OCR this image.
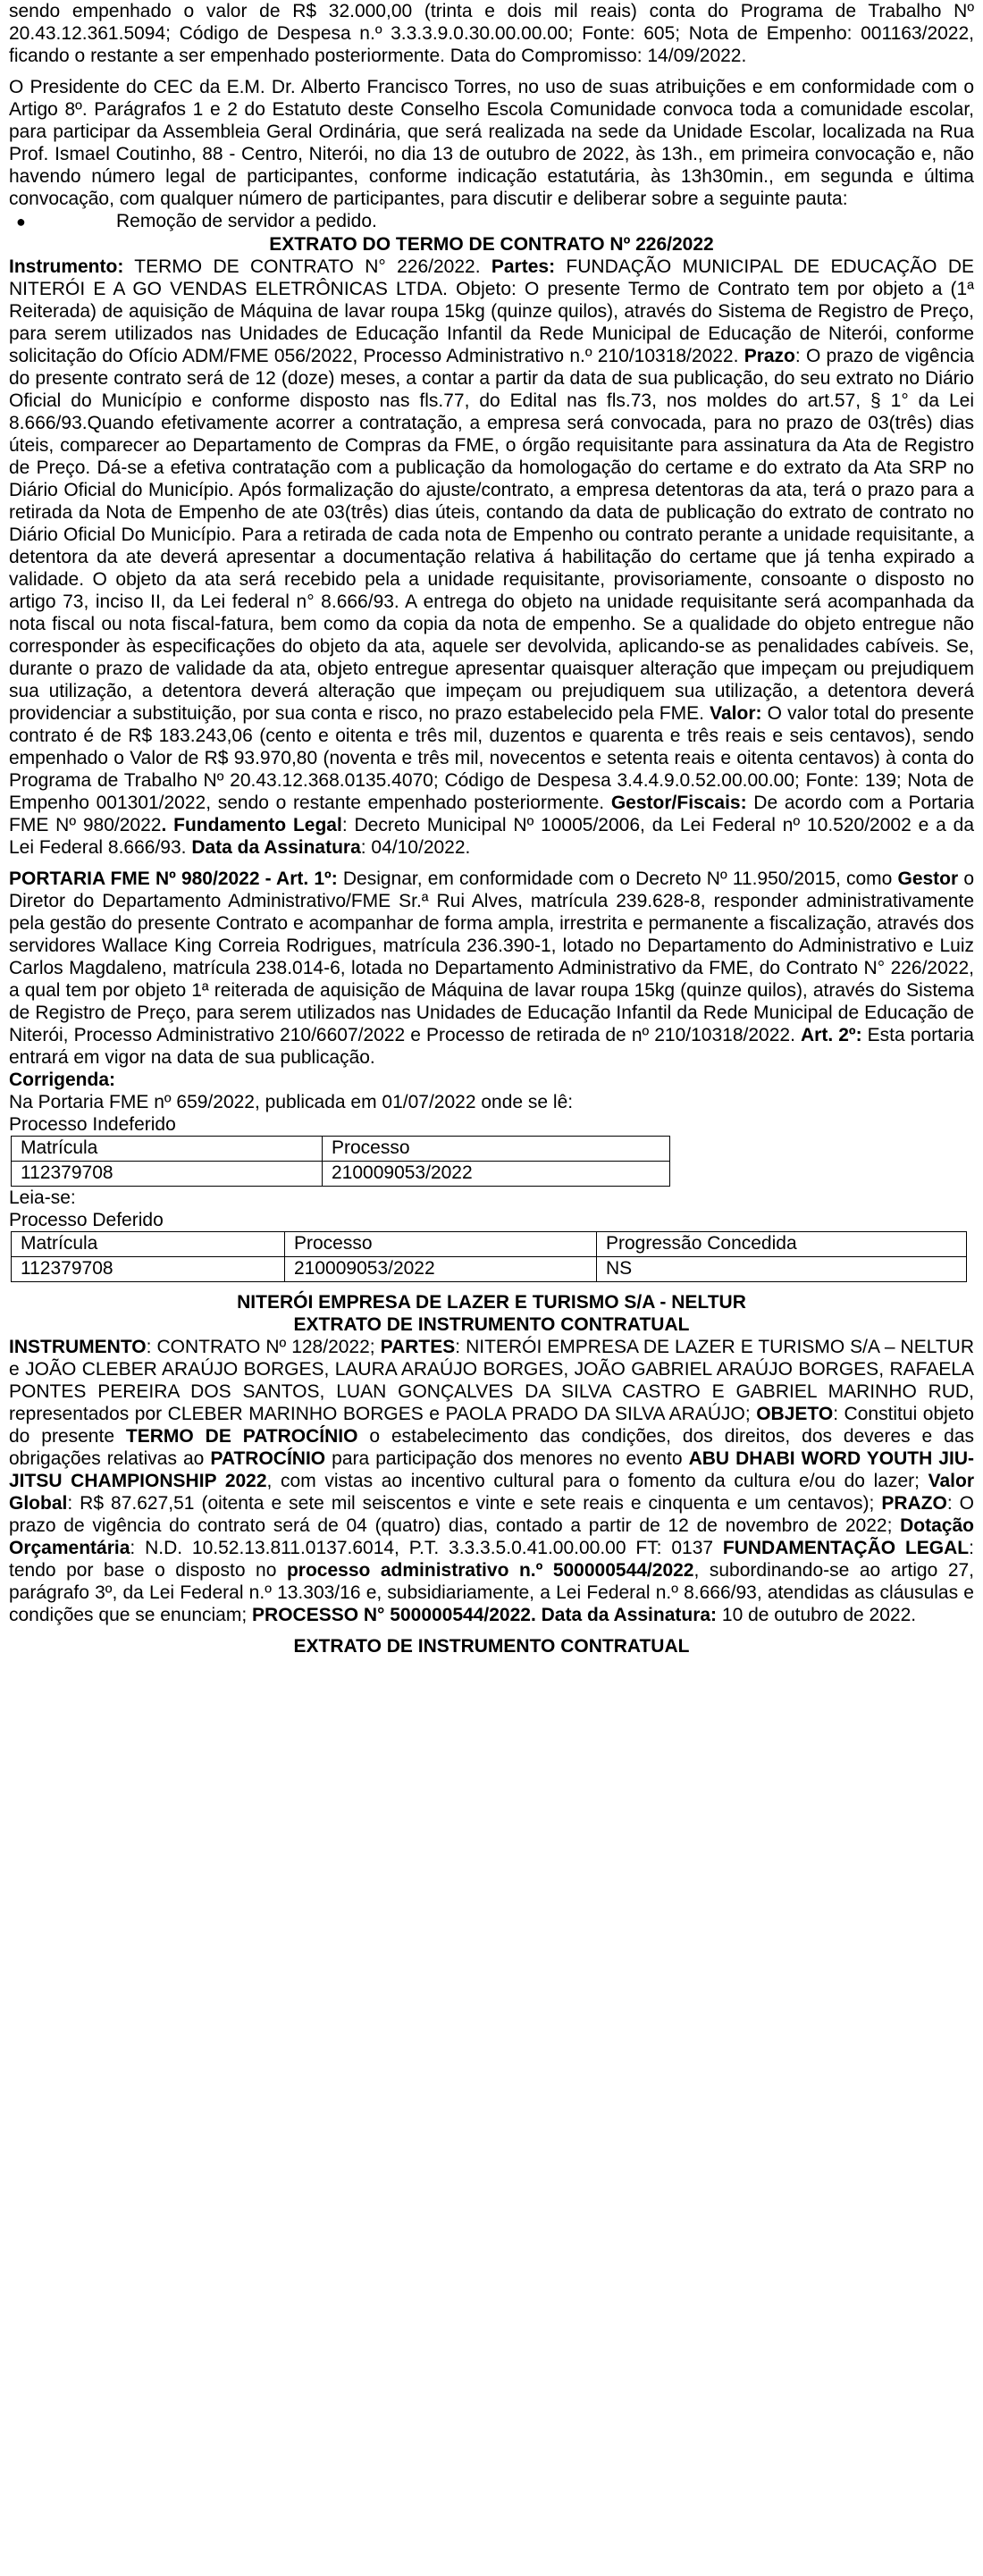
sendo empenhado o valor de R$ 32.000,00 (trinta e dois mil reais) conta do Programa de Trabalho Nº 20.43.12.361.5094; Código de Despesa n.º 3.3.3.9.0.30.00.00.00; Fonte: 605; Nota de Empenho: 001163/2022, ficando o restante a ser empenhado posteriormente. Data do Compromisso: 14/09/2022.

O Presidente do CEC da E.M. Dr. Alberto Francisco Torres, no uso de suas atribuições e em conformidade com o Artigo 8º. Parágrafos 1 e 2 do Estatuto deste Conselho Escola Comunidade convoca toda a comunidade escolar, para participar da Assembleia Geral Ordinária, que será realizada na sede da Unidade Escolar, localizada na Rua Prof. Ismael Coutinho, 88 - Centro, Niterói, no dia 13 de outubro de 2022, às 13h., em primeira convocação e, não havendo número legal de participantes, conforme indicação estatutária, às 13h30min., em segunda e última convocação, com qualquer número de participantes, para discutir e deliberar sobre a seguinte pauta:

●	Remoção de servidor a pedido.

EXTRATO DO TERMO DE CONTRATO Nº 226/2022

Instrumento: TERMO DE CONTRATO N° 226/2022. Partes: FUNDAÇÃO MUNICIPAL DE EDUCAÇÃO DE NITERÓI E A GO VENDAS ELETRÔNICAS LTDA. Objeto: O presente Termo de Contrato tem por objeto a (1ª Reiterada) de aquisição de Máquina de lavar roupa 15kg (quinze quilos), através do Sistema de Registro de Preço, para serem utilizados nas Unidades de Educação Infantil da Rede Municipal de Educação de Niterói, conforme solicitação do Ofício ADM/FME 056/2022, Processo Administrativo n.º 210/10318/2022. Prazo: O prazo de vigência do presente contrato será de 12 (doze) meses, a contar a partir da data de sua publicação, do seu extrato no Diário Oficial do Município e conforme disposto nas fls.77, do Edital nas fls.73, nos moldes do art.57, § 1° da Lei 8.666/93.Quando efetivamente acorrer a contratação, a empresa será convocada, para no prazo de 03(três) dias úteis, comparecer ao Departamento de Compras da FME, o órgão requisitante para assinatura da Ata de Registro de Preço. Dá-se a efetiva contratação com a publicação da homologação do certame e do extrato da Ata SRP no Diário Oficial do Município. Após formalização do ajuste/contrato, a empresa detentoras da ata, terá o prazo para a retirada da Nota de Empenho de ate 03(três) dias úteis, contando da data de publicação do extrato de contrato no Diário Oficial Do Município. Para a retirada de cada nota de Empenho ou contrato perante a unidade requisitante, a detentora da ate deverá apresentar a documentação relativa á habilitação do certame que já tenha expirado a validade. O objeto da ata será recebido pela a unidade requisitante, provisoriamente, consoante o disposto no artigo 73, inciso II, da Lei federal n° 8.666/93. A entrega do objeto na unidade requisitante será acompanhada da nota fiscal ou nota fiscal-fatura, bem como da copia da nota de empenho. Se a qualidade do objeto entregue não corresponder às especificações do objeto da ata, aquele ser devolvida, aplicando-se as penalidades cabíveis. Se, durante o prazo de validade da ata, objeto entregue apresentar quaisquer alteração que impeçam ou prejudiquem sua utilização, a detentora deverá alteração que impeçam ou prejudiquem sua utilização, a detentora deverá providenciar a substituição, por sua conta e risco, no prazo estabelecido pela FME. Valor: O valor total do presente contrato é de R$ 183.243,06 (cento e oitenta e três mil, duzentos e quarenta e três reais e seis centavos), sendo empenhado o Valor de R$ 93.970,80 (noventa e três mil, novecentos e setenta reais e oitenta centavos) à conta do Programa de Trabalho Nº 20.43.12.368.0135.4070; Código de Despesa 3.4.4.9.0.52.00.00.00; Fonte: 139; Nota de Empenho 001301/2022, sendo o restante empenhado posteriormente. Gestor/Fiscais: De acordo com a Portaria FME Nº 980/2022. Fundamento Legal: Decreto Municipal Nº 10005/2006, da Lei Federal nº 10.520/2002 e a da Lei Federal 8.666/93. Data da Assinatura: 04/10/2022.

PORTARIA FME Nº 980/2022 - Art. 1º: Designar, em conformidade com o Decreto Nº 11.950/2015, como Gestor o Diretor do Departamento Administrativo/FME Sr.ª Rui Alves, matrícula 239.628-8, responder administrativamente pela gestão do presente Contrato e acompanhar de forma ampla, irrestrita e permanente a fiscalização, através dos servidores Wallace King Correia Rodrigues, matrícula 236.390-1, lotado no Departamento do Administrativo e Luiz Carlos Magdaleno, matrícula 238.014-6, lotada no Departamento Administrativo da FME, do Contrato N° 226/2022, a qual tem por objeto 1ª reiterada de aquisição de Máquina de lavar roupa 15kg (quinze quilos), através do Sistema de Registro de Preço, para serem utilizados nas Unidades de Educação Infantil da Rede Municipal de Educação de Niterói, Processo Administrativo 210/6607/2022 e Processo de retirada de nº 210/10318/2022. Art. 2º: Esta portaria entrará em vigor na data de sua publicação.

Corrigenda:

Na Portaria FME nº 659/2022, publicada em 01/07/2022 onde se lê:

Processo Indeferido

Matrícula	Processo
112379708	210009053/2022

Leia-se:

Processo Deferido

Matrícula	Processo	Progressão Concedida
112379708	210009053/2022	NS

NITERÓI EMPRESA DE LAZER E TURISMO S/A - NELTUR

EXTRATO DE INSTRUMENTO CONTRATUAL

INSTRUMENTO: CONTRATO Nº 128/2022; PARTES: NITERÓI EMPRESA DE LAZER E TURISMO S/A – NELTUR e JOÃO CLEBER ARAÚJO BORGES, LAURA ARAÚJO BORGES, JOÃO GABRIEL ARAÚJO BORGES, RAFAELA PONTES PEREIRA DOS SANTOS, LUAN GONÇALVES DA SILVA CASTRO E GABRIEL MARINHO RUD, representados por CLEBER MARINHO BORGES e PAOLA PRADO DA SILVA ARAÚJO; OBJETO: Constitui objeto do presente TERMO DE PATROCÍNIO o estabelecimento das condições, dos direitos, dos deveres e das obrigações relativas ao PATROCÍNIO para participação dos menores no evento ABU DHABI WORD YOUTH JIU-JITSU CHAMPIONSHIP 2022, com vistas ao incentivo cultural para o fomento da cultura e/ou do lazer; Valor Global: R$ 87.627,51 (oitenta e sete mil seiscentos e vinte e sete reais e cinquenta e um centavos); PRAZO: O prazo de vigência do contrato será de 04 (quatro) dias, contado a partir de 12 de novembro de 2022; Dotação Orçamentária: N.D. 10.52.13.811.0137.6014, P.T. 3.3.3.5.0.41.00.00.00 FT: 0137 FUNDAMENTAÇÃO LEGAL: tendo por base o disposto no processo administrativo n.º 500000544/2022, subordinando-se ao artigo 27, parágrafo 3º, da Lei Federal n.º 13.303/16 e, subsidiariamente, a Lei Federal n.º 8.666/93, atendidas as cláusulas e condições que se enunciam; PROCESSO N° 500000544/2022. Data da Assinatura: 10 de outubro de 2022.

EXTRATO DE INSTRUMENTO CONTRATUAL
